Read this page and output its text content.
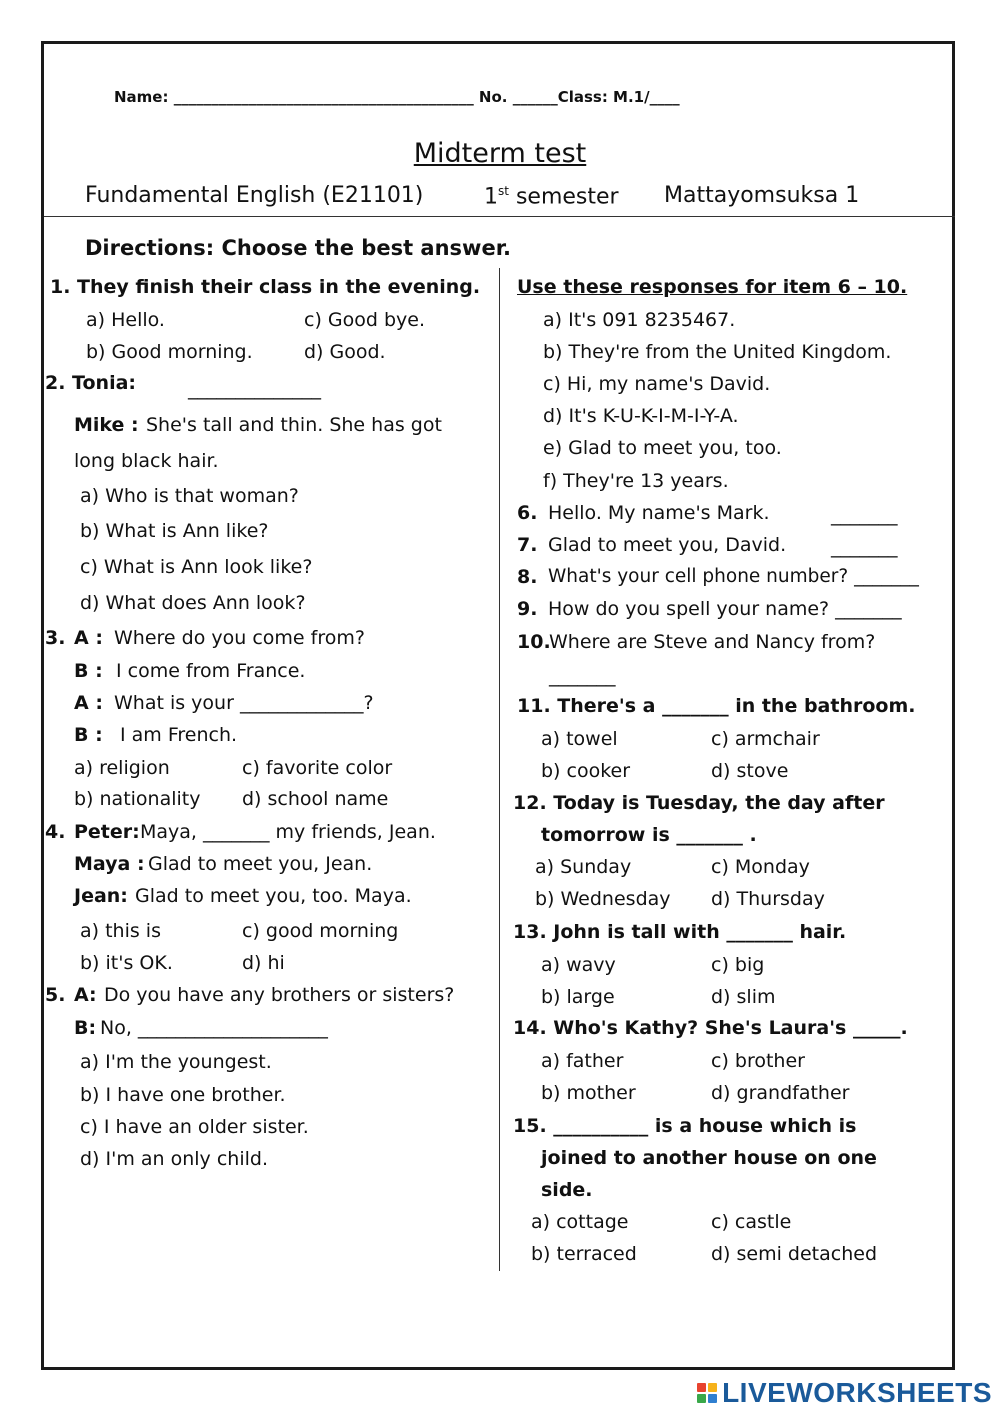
Name: ________________________________________ No. ______Class: M.1/____
Midterm test
Fundamental English (E21101)	1st semester Mattayomsuksa 1
Directions: Choose the best answer.
1. They finish their class in the evening.
a) Hello.	c) Good bye.
b) Good morning.	d) Good.
2. Tonia:	______________
Mike : She's tall and thin. She has got
long black hair.
a) Who is that woman?
b) What is Ann like?
c) What is Ann look like?
d) What does Ann look?
3. A : Where do you come from?
B : I come from France.
A : What is your _____________?
B : I am French.
a) religion	c) favorite color
b) nationality d) school name
4. Peter: Maya, _______ my friends, Jean.
Maya : Glad to meet you, Jean.
Jean: Glad to meet you, too. Maya.
a) this is	c) good morning
b) it's OK.	d) hi
5. A: Do you have any brothers or sisters?
B: No, ____________________
a) I'm the youngest.
b) I have one brother.
c) I have an older sister.
d) I'm an only child.
Use these responses for item 6 – 10.
a) It's 091 8235467.
b) They're from the United Kingdom.
c) Hi, my name's David.
d) It's K-U-K-I-M-I-Y-A.
e) Glad to meet you, too.
f) They're 13 years.
6. Hello. My name's Mark.	_______
7. Glad to meet you, David. _______
8. What's your cell phone number? _______
9. How do you spell your name? _______
10.
Where are Steve and Nancy from?
_______
11. There's a _______ in the bathroom.
a) towel	c) armchair
b) cooker	d) stove
12. Today is Tuesday, the day after
tomorrow is _______ .
a) Sunday	c) Monday
b) Wednesday d) Thursday
13. John is tall with _______ hair.
a) wavy	c) big
b) large	d) slim
14. Who's Kathy? She's Laura's _____.
a) father	c) brother
b) mother	d) grandfather
15. __________ is a house which is
joined to another house on one
side.
a) cottage	c) castle
b) terraced	d) semi detached
LIVEWORKSHEETS
